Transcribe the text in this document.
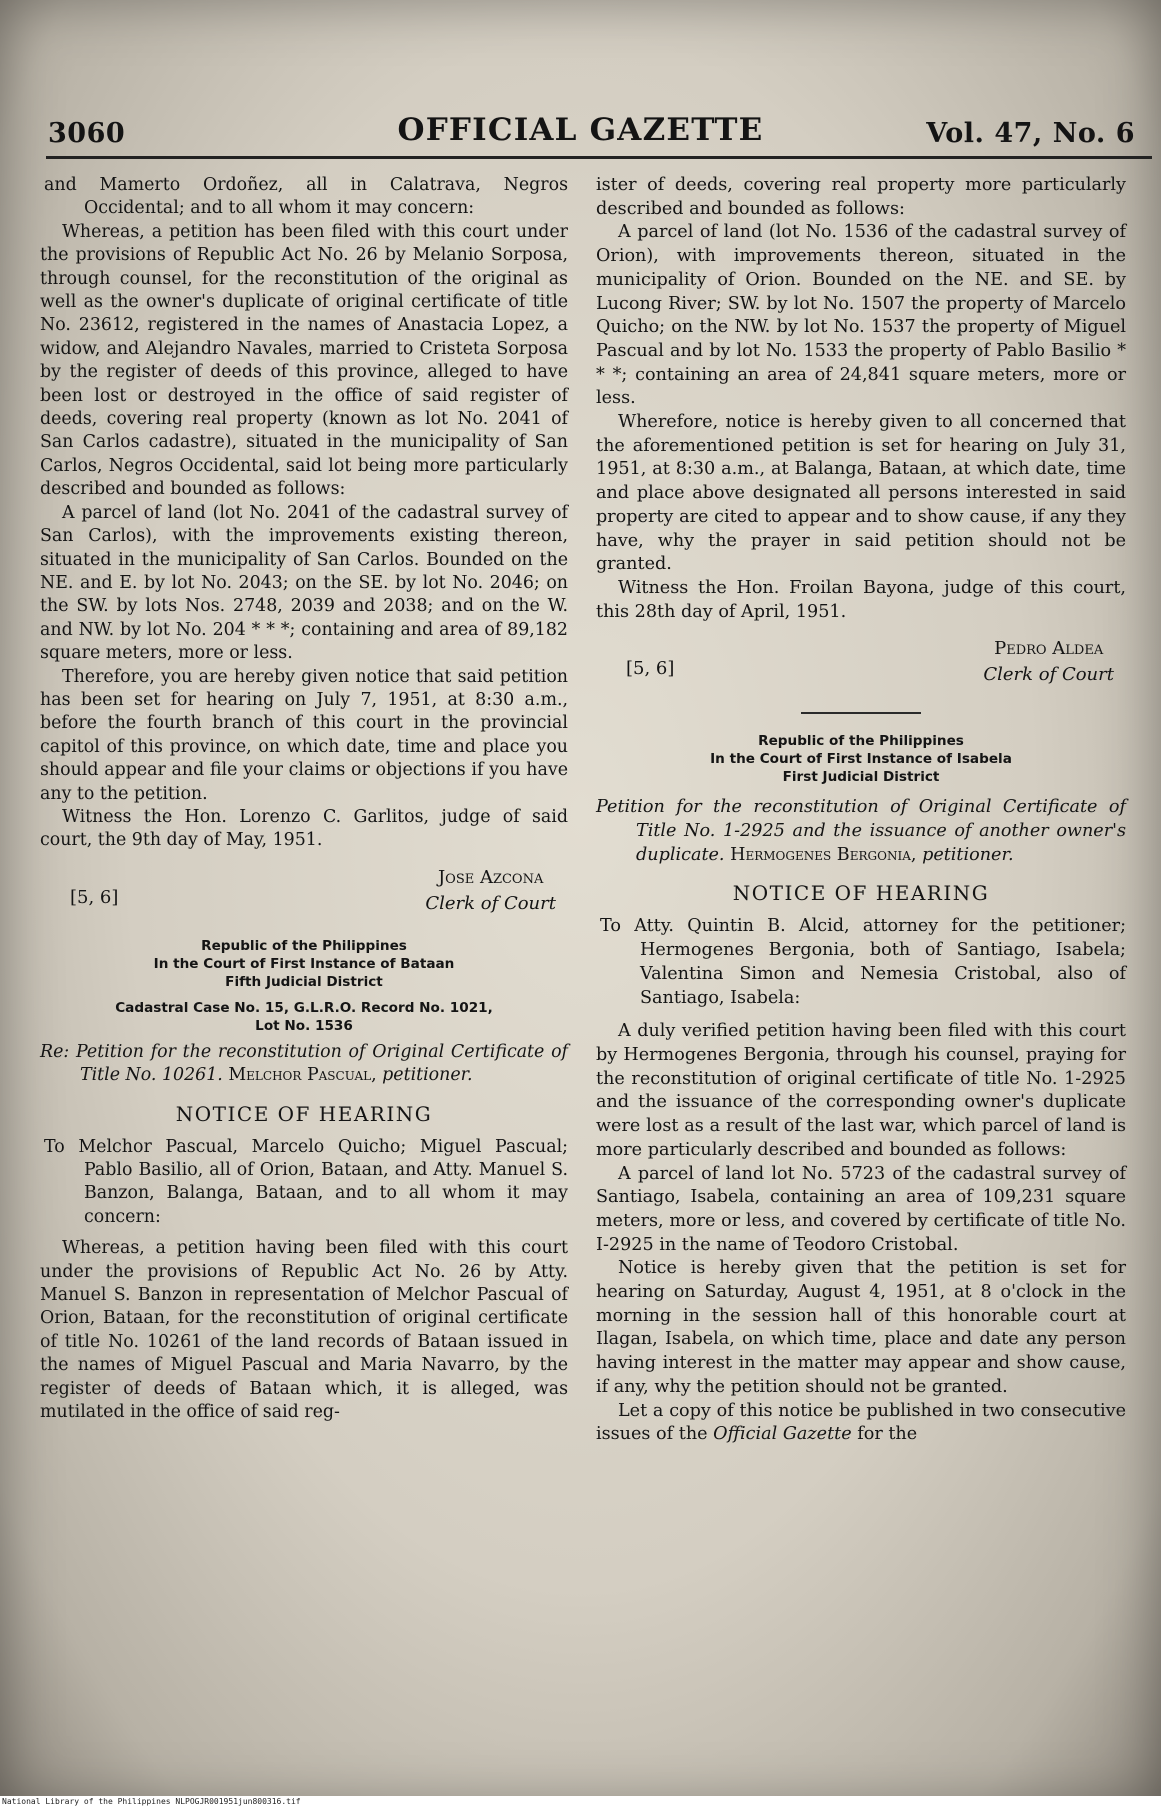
3060	OFFICIAL GAZETTE	Vol. 47, No. 6

and Mamerto Ordoñez, all in Calatrava, Negros Occidental; and to all whom it may concern:

Whereas, a petition has been filed with this court under the provisions of Republic Act No. 26 by Melanio Sorposa, through counsel, for the reconstitution of the original as well as the owner's duplicate of original certificate of title No. 23612, registered in the names of Anastacia Lopez, a widow, and Alejandro Navales, married to Cristeta Sorposa by the register of deeds of this province, alleged to have been lost or destroyed in the office of said register of deeds, covering real property (known as lot No. 2041 of San Carlos cadastre), situated in the municipality of San Carlos, Negros Occidental, said lot being more particularly described and bounded as follows:

A parcel of land (lot No. 2041 of the cadastral survey of San Carlos), with the improvements existing thereon, situated in the municipality of San Carlos. Bounded on the NE. and E. by lot No. 2043; on the SE. by lot No. 2046; on the SW. by lots Nos. 2748, 2039 and 2038; and on the W. and NW. by lot No. 204 * * *; containing and area of 89,182 square meters, more or less.

Therefore, you are hereby given notice that said petition has been set for hearing on July 7, 1951, at 8:30 a.m., before the fourth branch of this court in the provincial capitol of this province, on which date, time and place you should appear and file your claims or objections if you have any to the petition.

Witness the Hon. Lorenzo C. Garlitos, judge of said court, the 9th day of May, 1951.

[5, 6]
Jose Azcona
Clerk of Court
Republic of the Philippines
In the Court of First Instance of Bataan
Fifth Judicial District
Cadastral Case No. 15, G.L.R.O. Record No. 1021,
Lot No. 1536

Re: Petition for the reconstitution of Original Certificate of Title No. 10261. Melchor Pascual, petitioner.

NOTICE OF HEARING

To Melchor Pascual, Marcelo Quicho; Miguel Pascual; Pablo Basilio, all of Orion, Bataan, and Atty. Manuel S. Banzon, Balanga, Bataan, and to all whom it may concern:

Whereas, a petition having been filed with this court under the provisions of Republic Act No. 26 by Atty. Manuel S. Banzon in representation of Melchor Pascual of Orion, Bataan, for the reconstitution of original certificate of title No. 10261 of the land records of Bataan issued in the names of Miguel Pascual and Maria Navarro, by the register of deeds of Bataan which, it is alleged, was mutilated in the office of said reg-

ister of deeds, covering real property more particularly described and bounded as follows:

A parcel of land (lot No. 1536 of the cadastral survey of Orion), with improvements thereon, situated in the municipality of Orion. Bounded on the NE. and SE. by Lucong River; SW. by lot No. 1507 the property of Marcelo Quicho; on the NW. by lot No. 1537 the property of Miguel Pascual and by lot No. 1533 the property of Pablo Basilio * * *; containing an area of 24,841 square meters, more or less.

Wherefore, notice is hereby given to all concerned that the aforementioned petition is set for hearing on July 31, 1951, at 8:30 a.m., at Balanga, Bataan, at which date, time and place above designated all persons interested in said property are cited to appear and to show cause, if any they have, why the prayer in said petition should not be granted.

Witness the Hon. Froilan Bayona, judge of this court, this 28th day of April, 1951.

[5, 6]
Pedro Aldea
Clerk of Court
Republic of the Philippines
In the Court of First Instance of Isabela
First Judicial District

Petition for the reconstitution of Original Certificate of Title No. 1-2925 and the issuance of another owner's duplicate. Hermogenes Bergonia, petitioner.

NOTICE OF HEARING

To Atty. Quintin B. Alcid, attorney for the petitioner; Hermogenes Bergonia, both of Santiago, Isabela; Valentina Simon and Nemesia Cristobal, also of Santiago, Isabela:

A duly verified petition having been filed with this court by Hermogenes Bergonia, through his counsel, praying for the reconstitution of original certificate of title No. 1-2925 and the issuance of the corresponding owner's duplicate were lost as a result of the last war, which parcel of land is more particularly described and bounded as follows:

A parcel of land lot No. 5723 of the cadastral survey of Santiago, Isabela, containing an area of 109,231 square meters, more or less, and covered by certificate of title No. I-2925 in the name of Teodoro Cristobal.

Notice is hereby given that the petition is set for hearing on Saturday, August 4, 1951, at 8 o'clock in the morning in the session hall of this honorable court at Ilagan, Isabela, on which time, place and date any person having interest in the matter may appear and show cause, if any, why the petition should not be granted.

Let a copy of this notice be published in two consecutive issues of the Official Gazette for the

National Library of the Philippines NLPOGJR001951jun800316.tif
